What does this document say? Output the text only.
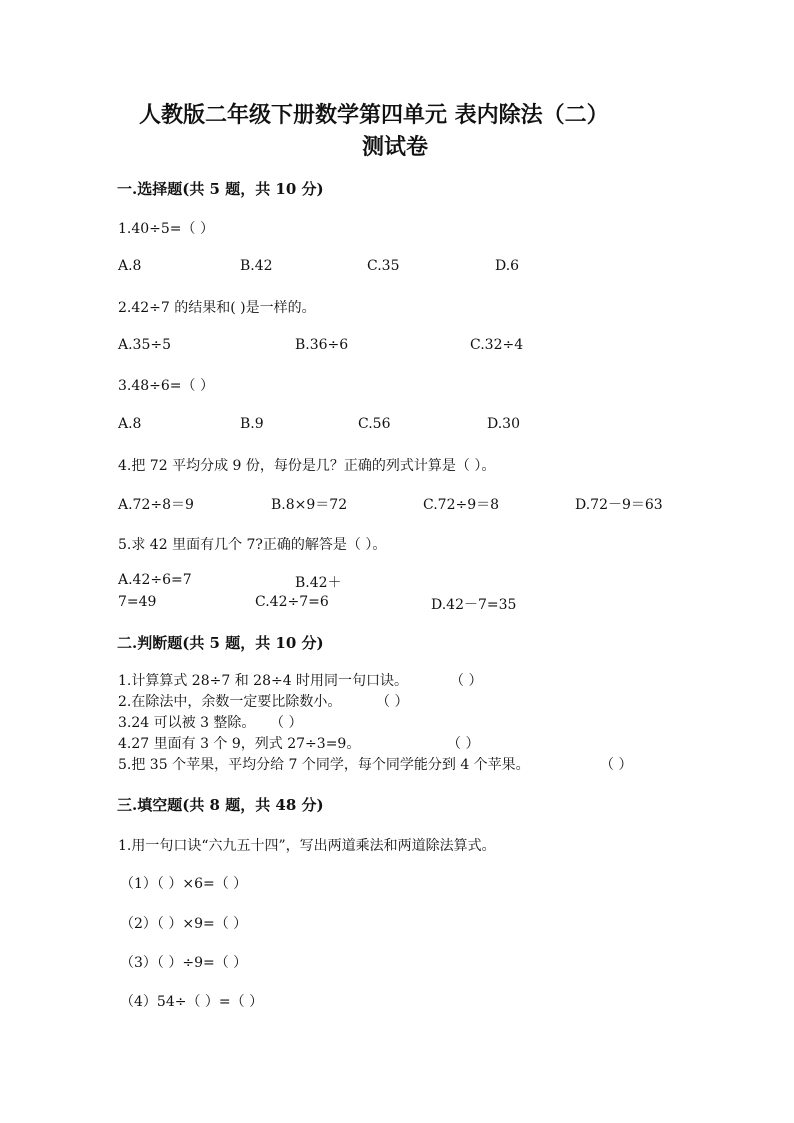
人教版二年级下册数学第四单元 表内除法（二）
测试卷
一.选择题(共 5 题，共 10 分)
1.40÷5=（ ）
A.8	B.42	C.35	D.6
2.42÷7 的结果和( )是一样的。
A.35÷5	B.36÷6	C.32÷4
3.48÷6=（ ）
A.8	B.9	C.56	D.30
4.把 72 平均分成 9 份，每份是几？正确的列式计算是（ ）。
A.72÷8＝9	B.8×9＝72	C.72÷9＝8	D.72－9＝63
5.求 42 里面有几个 7?正确的解答是（ ）。
A.42÷6=7	B.42＋
7=49	C.42÷7=6	D.42－7=35
二.判断题(共 5 题，共 10 分)
1.计算算式 28÷7 和 28÷4 时用同一句口诀。	（ ）
2.在除法中，余数一定要比除数小。 （ ）
3.24 可以被 3 整除。 （ ）
4.27 里面有 3 个 9，列式 27÷3=9。	（ ）
5.把 35 个苹果，平均分给 7 个同学，每个同学能分到 4 个苹果。	（ ）
三.填空题(共 8 题，共 48 分)
1.用一句口诀“六九五十四”，写出两道乘法和两道除法算式。
（1）（ ）×6=（ ）
（2）（ ）×9=（ ）
（3）（ ）÷9=（ ）
（4）54÷（ ）=（ ）
